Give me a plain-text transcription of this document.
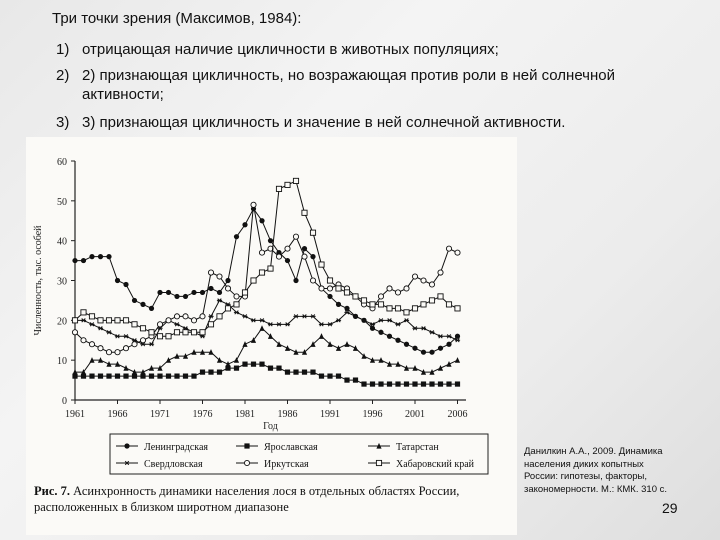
Три точки зрения (Максимов, 1984):
1) отрицающая наличие цикличности в животных популяциях;
2) 2) признающая цикличность, но возражающая против роли в ней солнечной активности;
3) 3) признающая цикличность и значение в ней солнечной активности.
0
10
20
30
40
50
60
1961 1966 1971 1976 1981 1986 1991 1996 2001 2006
Год
Численность, тыс. особей
Ленинградская	Ярославская	Татарстан
Свердловская	Иркутская	Хабаровский край
Рис. 7. Асинхронность динамики населения лося в отдельных областях России, расположенных в близком широтном диапазоне
Данилкин А.А., 2009. Динамика населения диких копытных России: гипотезы, факторы, закономерности. М.: КМК. 310 с.
29
